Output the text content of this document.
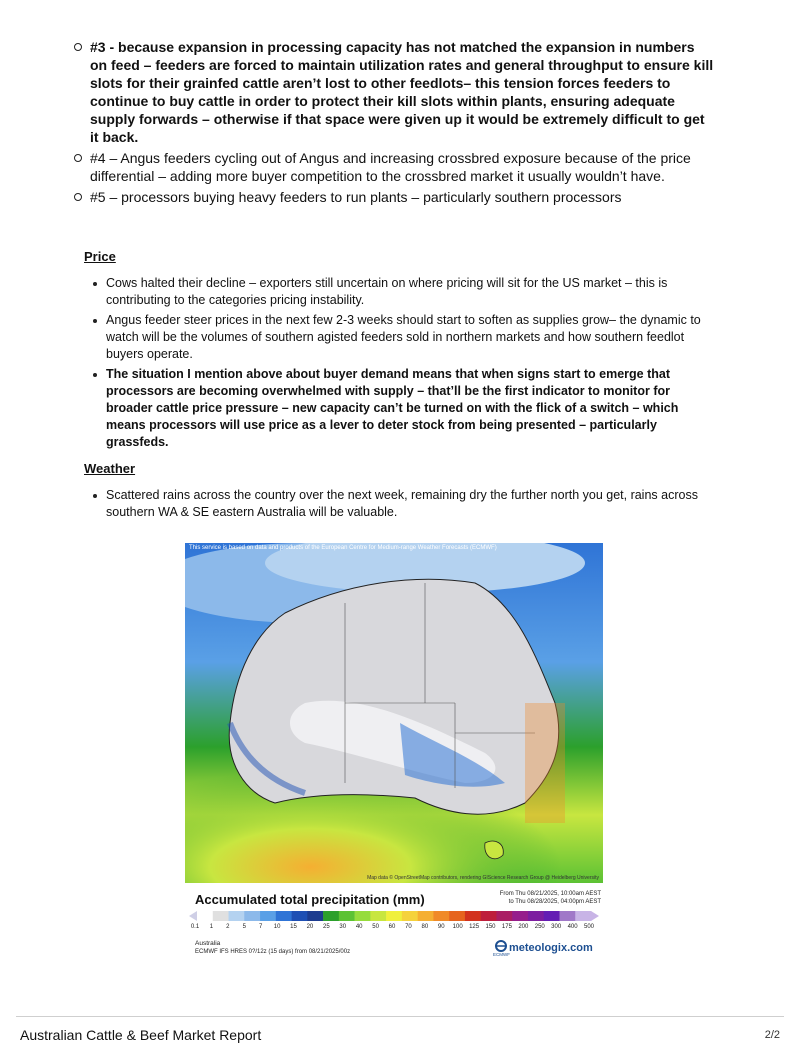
#3 - because expansion in processing capacity has not matched the expansion in numbers on feed – feeders are forced to maintain utilization rates and general throughput to ensure kill slots for their grainfed cattle aren’t lost to other feedlots– this tension forces feeders to continue to buy cattle in order to protect their kill slots within plants, ensuring adequate supply forwards – otherwise if that space were given up it would be extremely difficult to get it back.
#4 – Angus feeders cycling out of Angus and increasing crossbred exposure because of the price differential – adding more buyer competition to the crossbred market it usually wouldn’t have.
#5 – processors buying heavy feeders to run plants – particularly southern processors
Price
Cows halted their decline – exporters still uncertain on where pricing will sit for the US market – this is contributing to the categories pricing instability.
Angus feeder steer prices in the next few 2-3 weeks should start to soften as supplies grow– the dynamic to watch will be the volumes of southern agisted feeders sold in northern markets and how southern feedlot buyers operate.
The situation I mention above about buyer demand means that when signs start to emerge that processors are becoming overwhelmed with supply – that’ll be the first indicator to monitor for broader cattle price pressure – new capacity can’t be turned on with the flick of a switch – which means processors will use price as a lever to deter stock from being presented – particularly grassfeds.
Weather
Scattered rains across the country over the next week, remaining dry the further north you get, rains across southern WA & SE eastern Australia will be valuable.
This service is based on data and products of the European Centre for Medium-range Weather Forecasts (ECMWF)
Map data © OpenStreetMap contributors, rendering GIScience Research Group @ Heidelberg University
Accumulated total precipitation (mm)	From Thu 08/21/2025, 10:00am AEST
to Thu 08/28/2025, 04:00pm AEST
0.1 1 2 5 7 10 15 20 25 30 40 50 60 70 80 90 100 125 150 175 200 250 300 400 500
Australia
ECMWF IFS HRES 0?/12z (15 days) from 08/21/2025/00z	ECMWF
meteologix.com
Australian Cattle & Beef Market Report	2/2
